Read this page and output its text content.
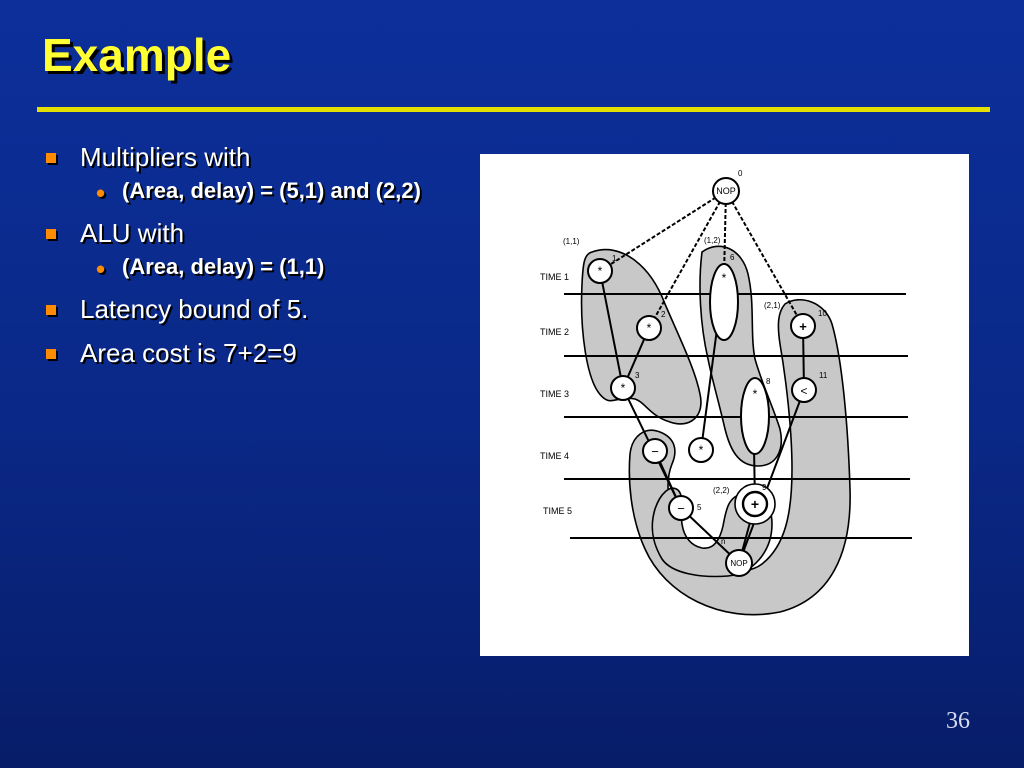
Example
Multipliers with
• (Area, delay) = (5,1) and (2,2)
ALU with
• (Area, delay) = (1,1)
Latency bound of 5.
Area cost is 7+2=9
NOP
0
*
1
*
2
*
3
−
− 5
*
6
*
*
8
+
9
+
10
<
11
NOP
n
TIME 1
TIME 2
TIME 3
TIME 4
TIME 5
(1,1)	(1,2)
(2,1)
(2,2)
36
